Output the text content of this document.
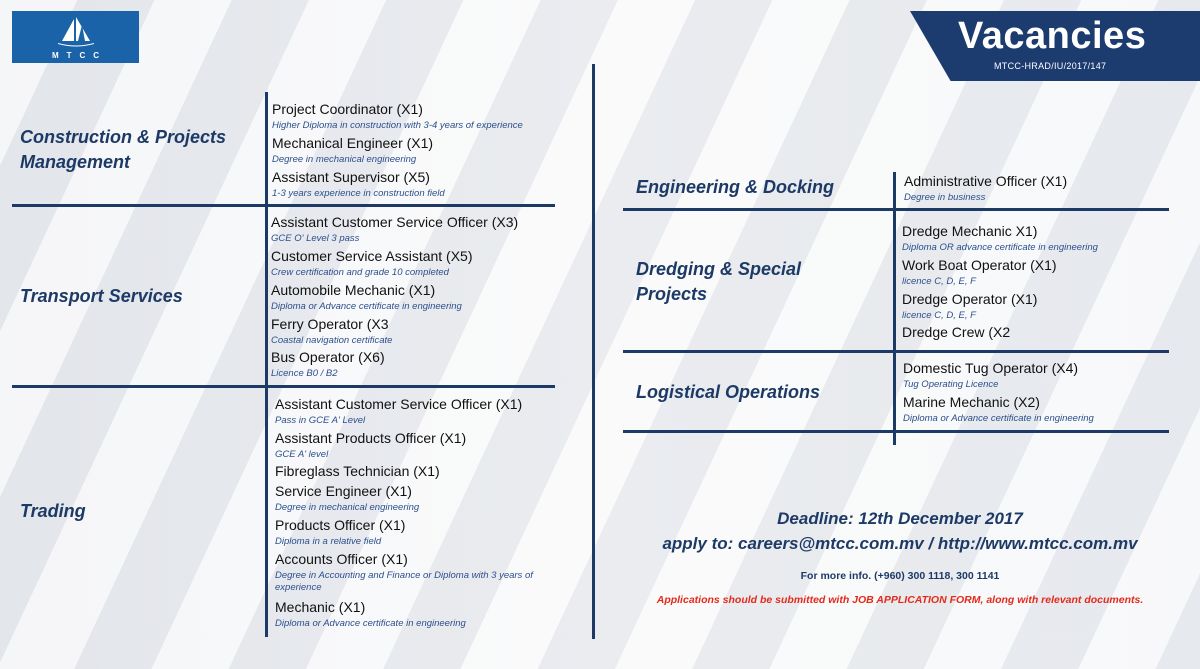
MTCC	Vacancies
MTCC-HRAD/IU/2017/147
Construction & Projects Management
Transport Services
Trading
Engineering & Docking
Dredging & Special Projects
Logistical Operations
Project Coordinator (X1)
Higher Diploma in construction with 3-4 years of experience
Mechanical Engineer (X1)
Degree in mechanical engineering
Assistant Supervisor (X5)
1-3 years experience in construction field
Assistant Customer Service Officer (X3)
GCE O' Level 3 pass
Customer Service Assistant (X5)
Crew certification and grade 10 completed
Automobile Mechanic (X1)
Diploma or Advance certificate in engineering
Ferry Operator (X3
Coastal navigation certificate
Bus Operator (X6)
Licence B0 / B2
Assistant Customer Service Officer (X1)
Pass in GCE A' Level
Assistant Products Officer (X1)
GCE A' level
Fibreglass Technician (X1)
Service Engineer (X1)
Degree in mechanical engineering
Products Officer (X1)
Diploma in a relative field
Accounts Officer (X1)
Degree in Accounting and Finance or Diploma with 3 years of experience
Mechanic (X1)
Diploma or Advance certificate in engineering
Administrative Officer (X1)
Degree in business
Dredge Mechanic X1)
Diploma OR advance certificate in engineering
Work Boat Operator (X1)
licence C, D, E, F
Dredge Operator (X1)
licence C, D, E, F
Dredge Crew (X2
Domestic Tug Operator (X4)
Tug Operating Licence
Marine Mechanic (X2)
Diploma or Advance certificate in engineering
Deadline: 12th December 2017
apply to: careers@mtcc.com.mv / http://www.mtcc.com.mv
For more info. (+960) 300 1118, 300 1141
Applications should be submitted with JOB APPLICATION FORM, along with relevant documents.
